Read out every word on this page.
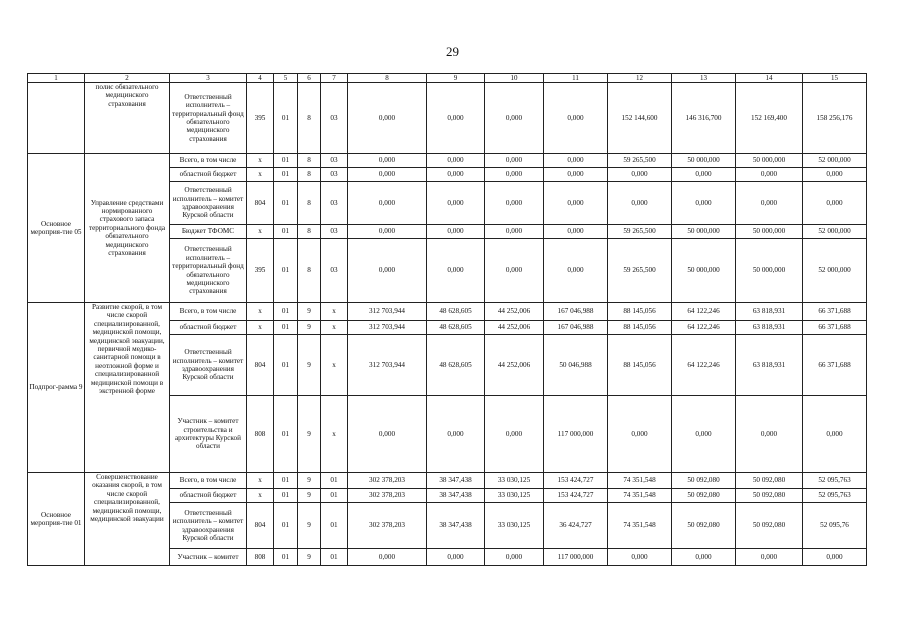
29
1	2	3	4	5	6	7	8	9	10	11	12	13	14	15
	полис обязательного медицинского страхования	Ответственный исполнитель – территориальный фонд обязательного медицинского страхования	395	01	8	03	0,000	0,000	0,000	0,000	152 144,600	146 316,700	152 169,400	158 256,176
Основное мероприя-тие 05	Управление средствами нормированного страхового запаса территориального фонда обязательного медицинского страхования	Всего, в том числе	x	01	8	03	0,000	0,000	0,000	0,000	59 265,500	50 000,000	50 000,000	52 000,000
		областной бюджет	x	01	8	03	0,000	0,000	0,000	0,000	0,000	0,000	0,000	0,000
		Ответственный исполнитель – комитет здравоохранения Курской области	804	01	8	03	0,000	0,000	0,000	0,000	0,000	0,000	0,000	0,000
		Бюджет ТФОМС	x	01	8	03	0,000	0,000	0,000	0,000	59 265,500	50 000,000	50 000,000	52 000,000
		Ответственный исполнитель – территориальный фонд обязательного медицинского страхования	395	01	8	03	0,000	0,000	0,000	0,000	59 265,500	50 000,000	50 000,000	52 000,000
Подпрог-рамма 9	Развитие скорой, в том числе скорой специализированной, медицинской помощи, медицинской эвакуации, первичной медико-санитарной помощи в неотложной форме и специализированной медицинской помощи в экстренной форме	Всего, в том числе	x	01	9	x	312 703,944	48 628,605	44 252,006	167 046,988	88 145,056	64 122,246	63 818,931	66 371,688
		областной бюджет	x	01	9	x	312 703,944	48 628,605	44 252,006	167 046,988	88 145,056	64 122,246	63 818,931	66 371,688
		Ответственный исполнитель – комитет здравоохранения Курской области	804	01	9	x	312 703,944	48 628,605	44 252,006	50 046,988	88 145,056	64 122,246	63 818,931	66 371,688
		Участник – комитет строительства и архитектуры Курской области	808	01	9	x	0,000	0,000	0,000	117 000,000	0,000	0,000	0,000	0,000
Основное мероприя-тие 01	Совершенствование оказания скорой, в том числе скорой специализированной, медицинской помощи, медицинской эвакуации	Всего, в том числе	x	01	9	01	302 378,203	38 347,438	33 030,125	153 424,727	74 351,548	50 092,080	50 092,080	52 095,763
		областной бюджет	x	01	9	01	302 378,203	38 347,438	33 030,125	153 424,727	74 351,548	50 092,080	50 092,080	52 095,763
		Ответственный исполнитель – комитет здравоохранения Курской области	804	01	9	01	302 378,203	38 347,438	33 030,125	36 424,727	74 351,548	50 092,080	50 092,080	52 095,76
		Участник – комитет	808	01	9	01	0,000	0,000	0,000	117 000,000	0,000	0,000	0,000	0,000
